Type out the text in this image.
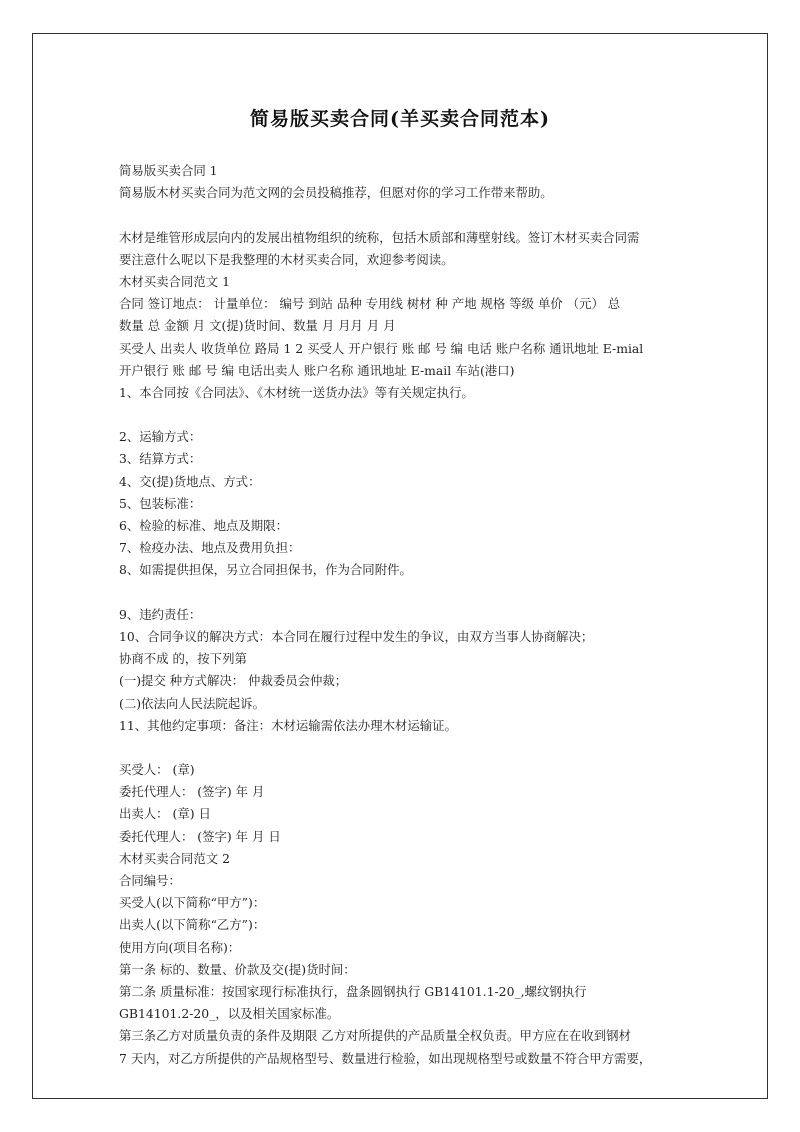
简易版买卖合同(羊买卖合同范本)
简易版买卖合同 1
简易版木材买卖合同为范文网的会员投稿推荐，但愿对你的学习工作带来帮助。
木材是维管形成层向内的发展出植物组织的统称，包括木质部和薄壁射线。签订木材买卖合同需
要注意什么呢以下是我整理的木材买卖合同，欢迎参考阅读。
木材买卖合同范文 1
合同 签订地点： 计量单位： 编号 到站 品种 专用线 树材 种 产地 规格 等级 单价 （元） 总
数量 总 金额 月 文(提)货时间、数量 月 月月 月 月
买受人 出卖人 收货单位 路局 1 2 买受人 开户银行 账 邮 号 编 电话 账户名称 通讯地址 E-mial
开户银行 账 邮 号 编 电话出卖人 账户名称 通讯地址 E-mail 车站(港口)
1、本合同按《合同法》、《木材统一送货办法》等有关规定执行。
2、运输方式：
3、结算方式：
4、交(提)货地点、方式：
5、包装标准：
6、检验的标准、地点及期限：
7、检疫办法、地点及费用负担：
8、如需提供担保，另立合同担保书，作为合同附件。
9、违约责任：
10、合同争议的解决方式：本合同在履行过程中发生的争议，由双方当事人协商解决；
协商不成 的，按下列第
(一)提交 种方式解决： 仲裁委员会仲裁；
(二)依法向人民法院起诉。
11、其他约定事项：备注：木材运输需依法办理木材运输证。
买受人： (章)
委托代理人： (签字) 年 月
出卖人： (章) 日
委托代理人： (签字) 年 月 日
木材买卖合同范文 2
合同编号：
买受人(以下简称“甲方”)：
出卖人(以下简称“乙方”)：
使用方向(项目名称)：
第一条 标的、数量、价款及交(提)货时间：
第二条 质量标准：按国家现行标准执行，盘条圆钢执行 GB14101.1-20_,螺纹钢执行
GB14101.2-20_，以及相关国家标准。
第三条乙方对质量负责的条件及期限 乙方对所提供的产品质量全权负责。甲方应在在收到钢材
7 天内，对乙方所提供的产品规格型号、数量进行检验，如出现规格型号或数量不符合甲方需要，
